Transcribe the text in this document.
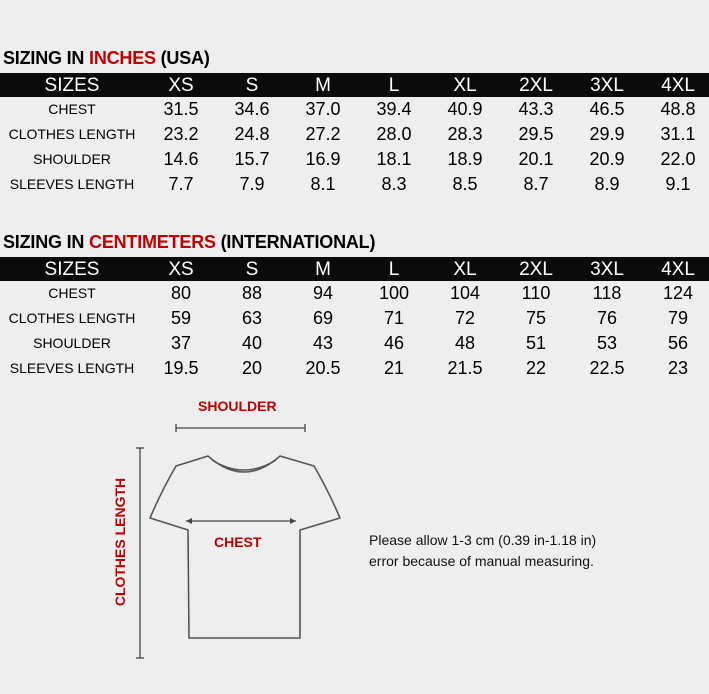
SIZING IN INCHES (USA)
SIZES	XS	S	M	L	XL 2XL 3XL 4XL
CHEST	31.5 34.6 37.0 39.4 40.9 43.3 46.5 48.8
CLOTHES LENGTH 23.2 24.8 27.2 28.0 28.3 29.5 29.9 31.1
SHOULDER	14.6 15.7 16.9 18.1 18.9 20.1 20.9 22.0
SLEEVES LENGTH 7.7	7.9	8.1	8.3	8.5	8.7	8.9	9.1
SIZING IN CENTIMETERS (INTERNATIONAL)
SIZES	XS	S	M	L	XL 2XL 3XL 4XL
CHEST	80	88	94	100 104 110 118 124
CLOTHES LENGTH 59	63	69	71	72	75	76	79
SHOULDER	37	40	43	46	48	51	53	56
SLEEVES LENGTH 19.5 20 20.5 21 21.5 22 22.5 23
SHOULDER
CHEST
CLOTHES LENGTH	Please allow 1-3 cm (0.39 in-1.18 in)
error because of manual measuring.
